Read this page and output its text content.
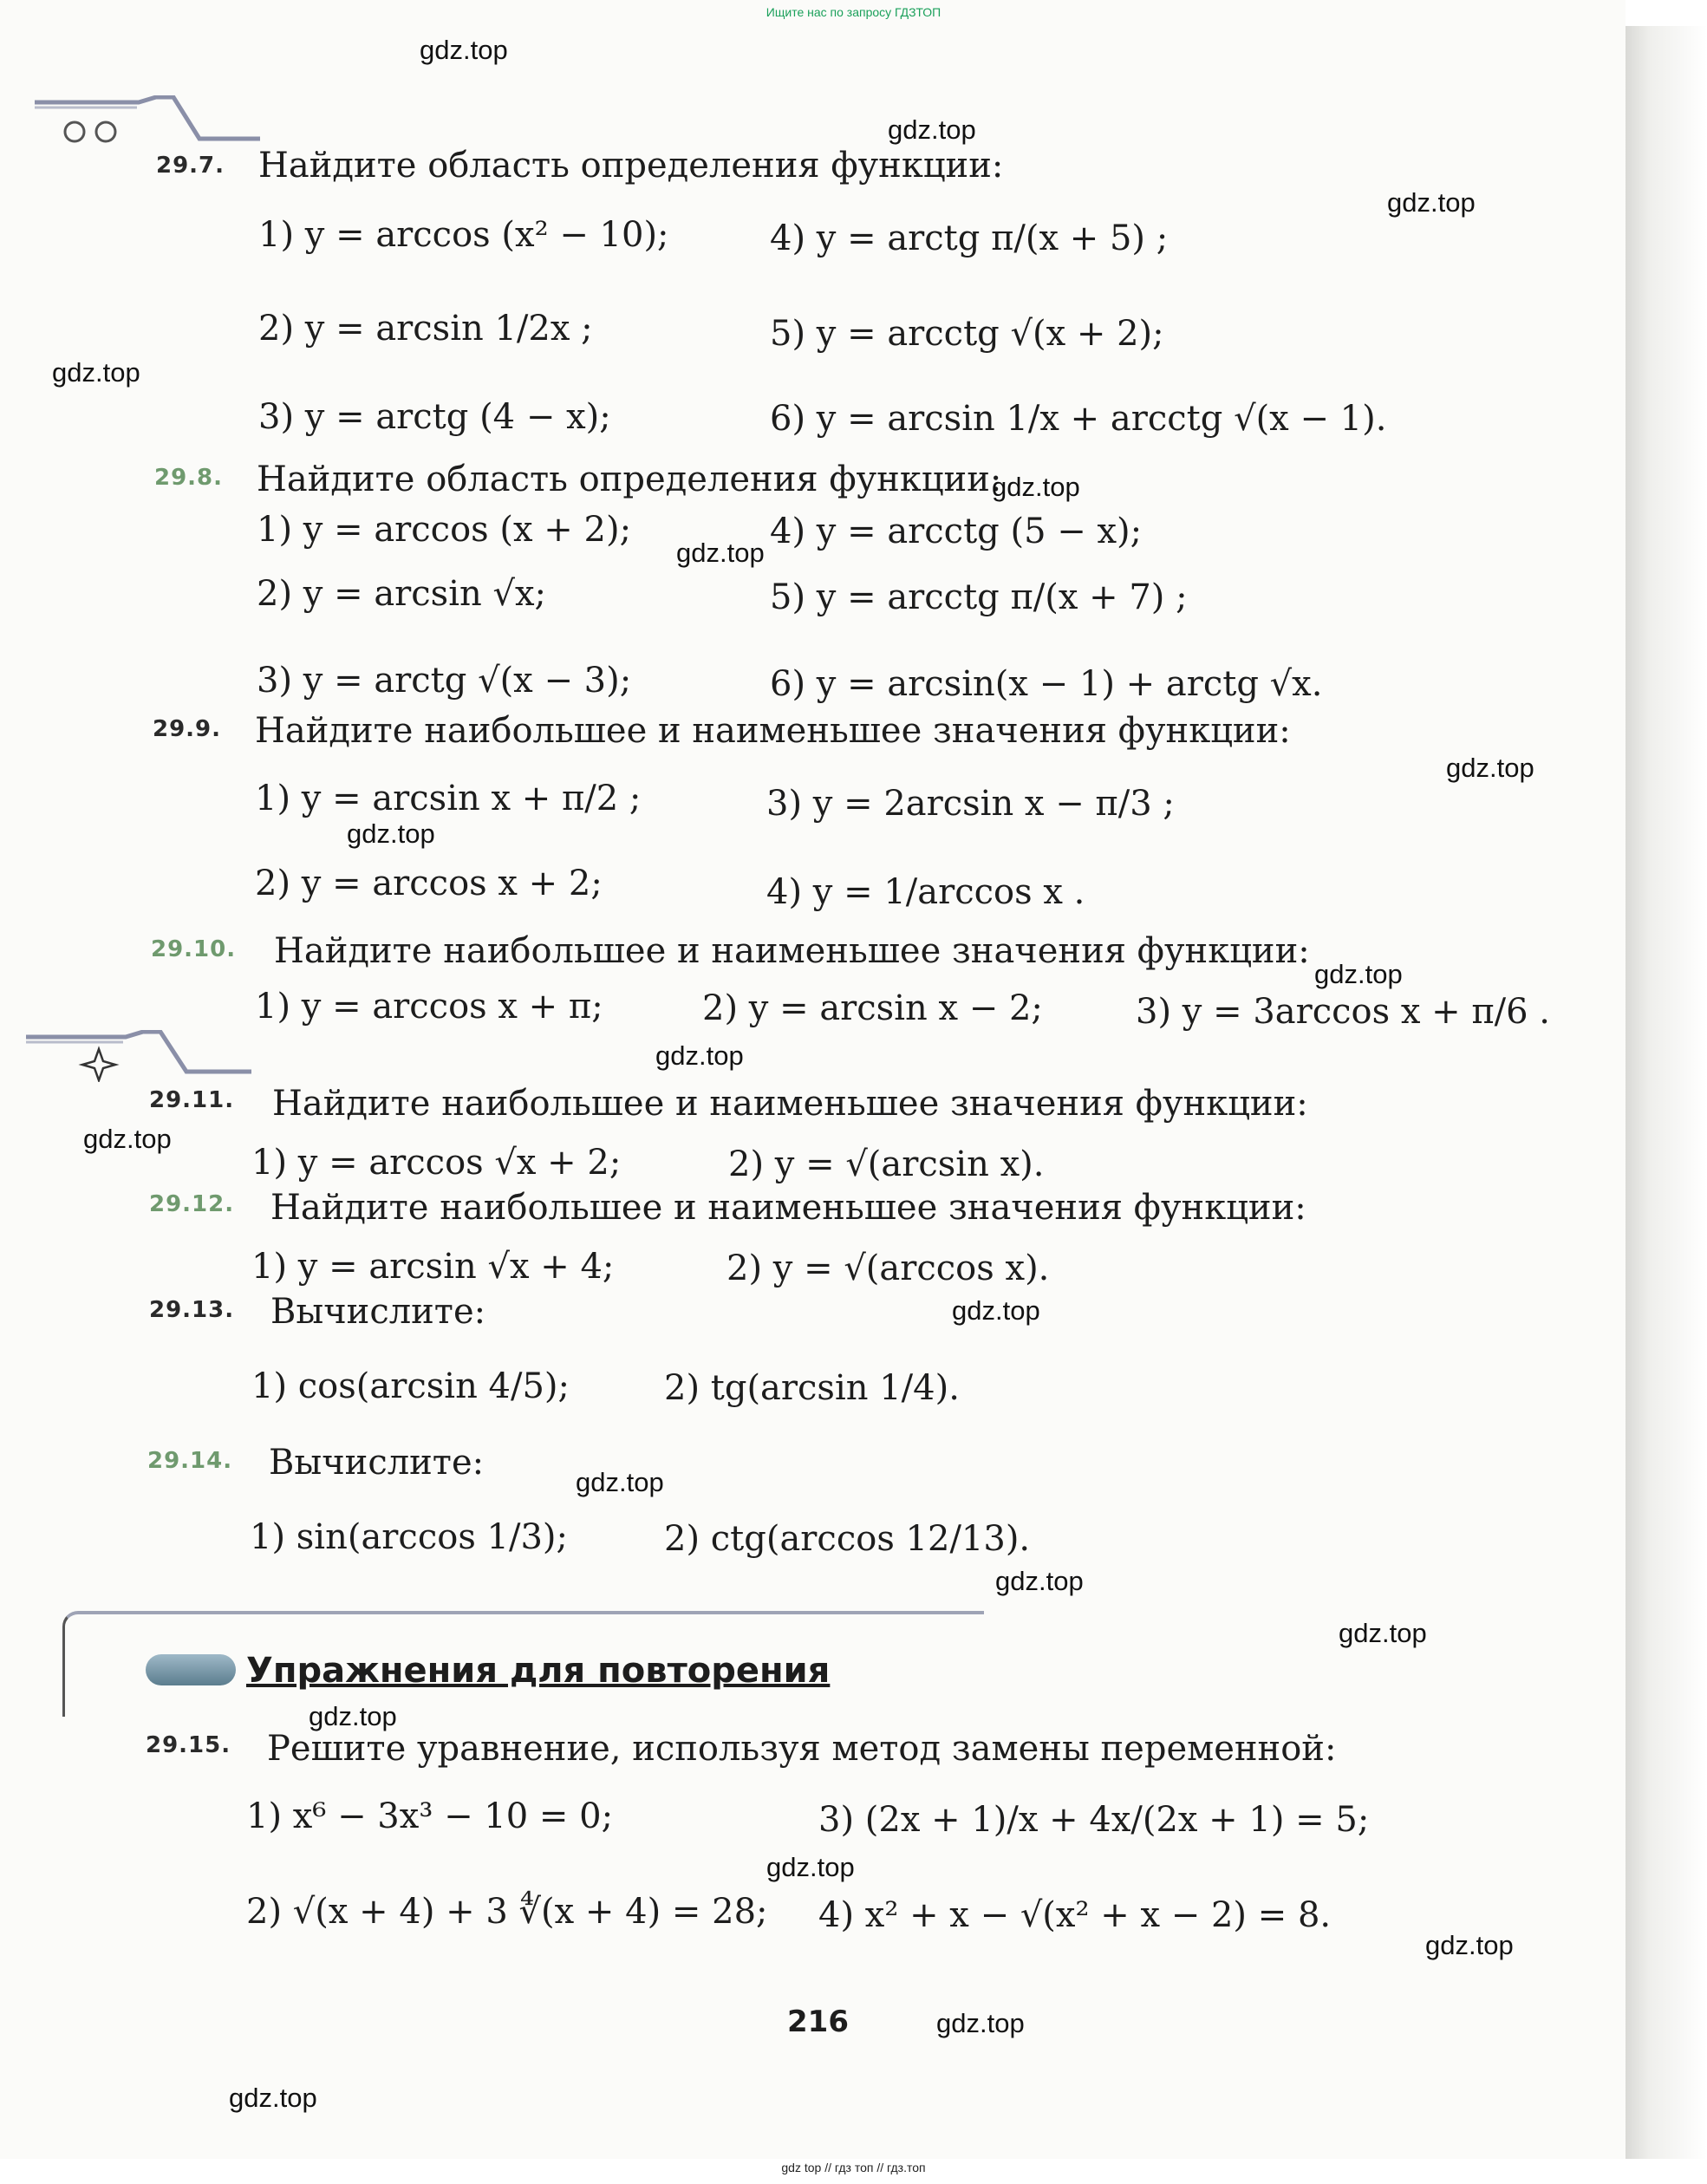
Ищите нас по запросу ГДЗТОП
29.7. Найдите область определения функции:
1) y = arccos (x² − 10);
2) y = arcsin 1/2x ;
3) y = arctg (4 − x);
4) y = arctg π/(x + 5) ;
5) y = arcctg √(x + 2);
6) y = arcsin 1/x + arcctg √(x − 1).
29.8. Найдите область определения функции:
1) y = arccos (x + 2);
2) y = arcsin √x;
3) y = arctg √(x − 3);
4) y = arcctg (5 − x);
5) y = arcctg π/(x + 7) ;
6) y = arcsin(x − 1) + arctg √x.
29.9. Найдите наибольшее и наименьшее значения функции:
1) y = arcsin x + π/2 ;
2) y = arccos x + 2;
3) y = 2arcsin x − π/3 ;
4) y = 1/arccos x .
29.10. Найдите наибольшее и наименьшее значения функции:
1) y = arccos x + π;	2) y = arcsin x − 2;	3) y = 3arccos x + π/6 .
29.11. Найдите наибольшее и наименьшее значения функции:
1) y = arccos √x + 2;	2) y = √(arcsin x).
29.12. Найдите наибольшее и наименьшее значения функции:
1) y = arcsin √x + 4;	2) y = √(arccos x).
29.13. Вычислите:
1) cos(arcsin 4/5);	2) tg(arcsin 1/4).
29.14. Вычислите:
1) sin(arccos 1/3);	2) ctg(arccos 12/13).
Упражнения для повторения
29.15. Решите уравнение, используя метод замены переменной:
1) x⁶ − 3x³ − 10 = 0;
2) √(x + 4) + 3 ∜(x + 4) = 28;
3) (2x + 1)/x + 4x/(2x + 1) = 5;
4) x² + x − √(x² + x − 2) = 8.
216
gdz.top
gdz.top
gdz.top
gdz.top
gdz.top
gdz.top
gdz.top
gdz.top
gdz.top
gdz.top
gdz.top
gdz.top
gdz.top
gdz.top
gdz.top
gdz.top
gdz.top
gdz.top
gdz.top
gdz.top
gdz top // гдз топ // гдз.топ
